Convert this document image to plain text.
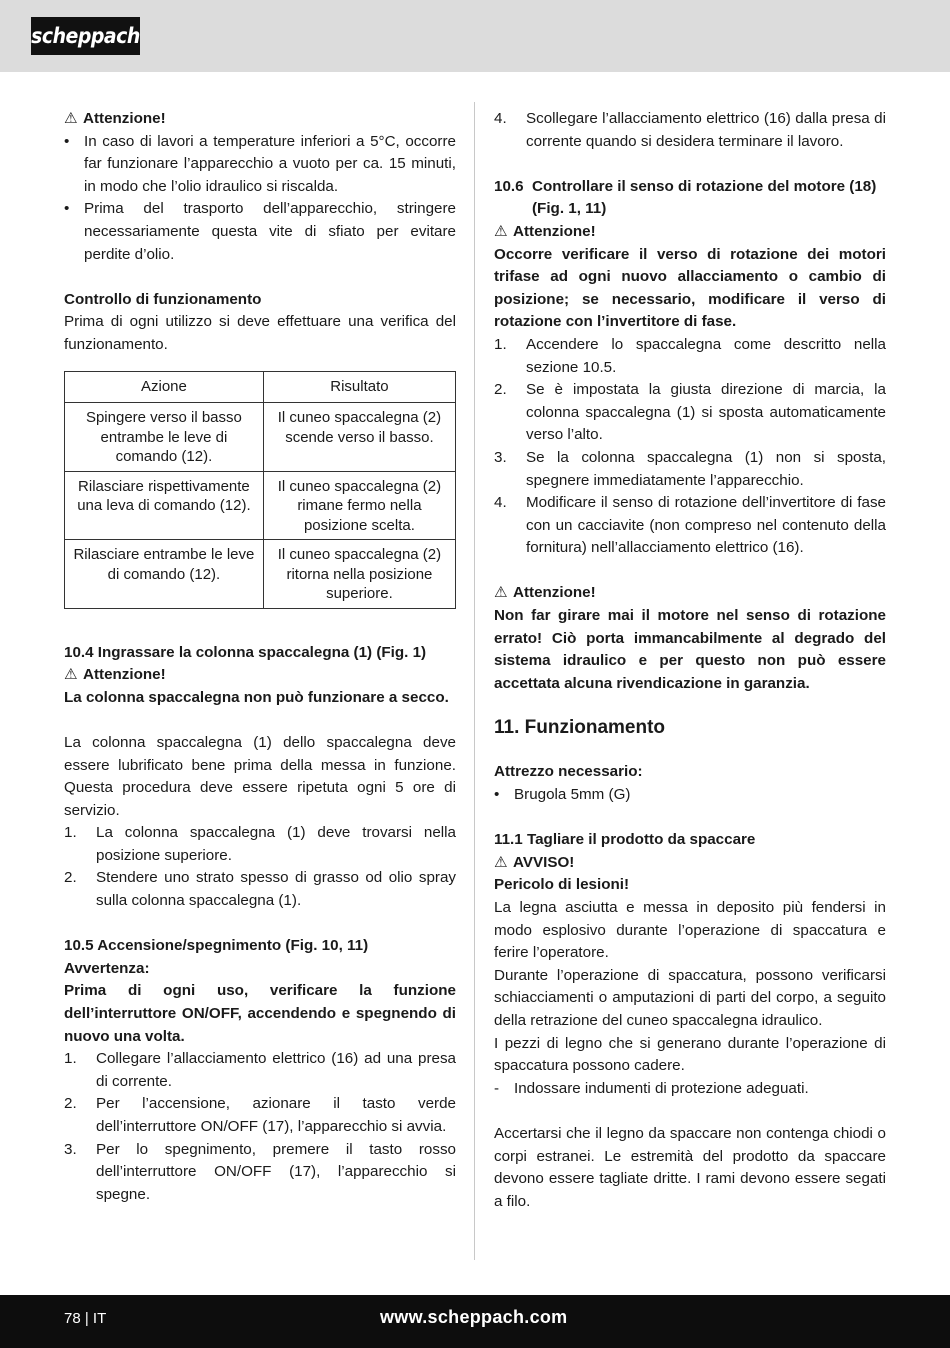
scheppach

⚠ Attenzione!

• In caso di lavori a temperature inferiori a 5°C, occorre far funzionare l’apparecchio a vuoto per ca. 15 minuti, in modo che l’olio idraulico si riscalda.
• Prima del trasporto dell’apparecchio, stringere necessariamente questa vite di sfiato per evitare perdite d’olio.

Controllo di funzionamento

Prima di ogni utilizzo si deve effettuare una verifica del funzionamento.

Azione	Risultato
Spingere verso il basso entrambe le leve di comando (12).	Il cuneo spaccalegna (2) scende verso il basso.
Rilasciare rispettivamente una leva di comando (12).	Il cuneo spaccalegna (2) rimane fermo nella posizione scelta.
Rilasciare entrambe le leve di comando (12).	Il cuneo spaccalegna (2) ritorna nella posizione superiore.

10.4 Ingrassare la colonna spaccalegna (1) (Fig. 1)

⚠ Attenzione!

La colonna spaccalegna non può funzionare a secco.

La colonna spaccalegna (1) dello spaccalegna deve essere lubrificato bene prima della messa in funzione. Questa procedura deve essere ripetuta ogni 5 ore di servizio.

1. La colonna spaccalegna (1) deve trovarsi nella posizione superiore.
2. Stendere uno strato spesso di grasso od olio spray sulla colonna spaccalegna (1).

10.5 Accensione/spegnimento (Fig. 10, 11)

Avvertenza:

Prima di ogni uso, verificare la funzione dell’interruttore ON/OFF, accendendo e spegnendo di nuovo una volta.

1. Collegare l’allacciamento elettrico (16) ad una presa di corrente.
2. Per l’accensione, azionare il tasto verde dell’interruttore ON/OFF (17), l’apparecchio si avvia.
3. Per lo spegnimento, premere il tasto rosso dell’interruttore ON/OFF (17), l’apparecchio si spegne.
4. Scollegare l’allacciamento elettrico (16) dalla presa di corrente quando si desidera terminare il lavoro.
10.6 Controllare il senso di rotazione del motore (18) (Fig. 1, 11)

⚠ Attenzione!

Occorre verificare il verso di rotazione dei motori trifase ad ogni nuovo allacciamento o cambio di posizione; se necessario, modificare il verso di rotazione con l’invertitore di fase.

1. Accendere lo spaccalegna come descritto nella sezione 10.5.
2. Se è impostata la giusta direzione di marcia, la colonna spaccalegna (1) si sposta automaticamente verso l’alto.
3. Se la colonna spaccalegna (1) non si sposta, spegnere immediatamente l’apparecchio.
4. Modificare il senso di rotazione dell’invertitore di fase con un cacciavite (non compreso nel contenuto della fornitura) nell’allacciamento elettrico (16).

⚠ Attenzione!

Non far girare mai il motore nel senso di rotazione errato! Ciò porta immancabilmente al degrado del sistema idraulico e per questo non può essere accettata alcuna rivendicazione in garanzia.

11. Funzionamento

Attrezzo necessario:

• Brugola 5mm (G)

11.1 Tagliare il prodotto da spaccare

⚠ AVVISO!

Pericolo di lesioni!

La legna asciutta e messa in deposito più fendersi in modo esplosivo durante l’operazione di spaccatura e ferire l’operatore.

Durante l’operazione di spaccatura, possono verificarsi schiacciamenti o amputazioni di parti del corpo, a seguito della retrazione del cuneo spaccalegna idraulico.

I pezzi di legno che si generano durante l’operazione di spaccatura possono cadere.

- Indossare indumenti di protezione adeguati.

Accertarsi che il legno da spaccare non contenga chiodi o corpi estranei. Le estremità del prodotto da spaccare devono essere tagliate dritte. I rami devono essere segati a filo.

78 | IT	www.scheppach.com
